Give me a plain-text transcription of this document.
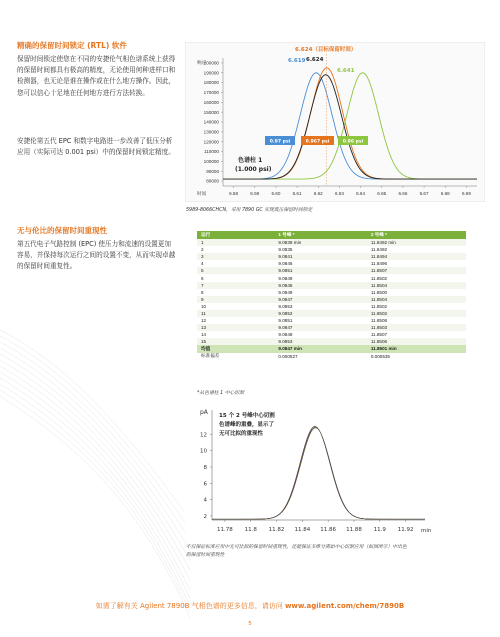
精确的保留时间锁定 (RTL) 软件

保留时间锁定使您在不同的安捷伦气相色谱系统上获得的保留时间都具有极高的精度，无论使用何种进样口和检测器，也无论是谁在操作或在什么地方操作。因此，您可以信心十足地在任何地方进行方法转换。

安捷伦第五代 EPC 和数字电路进一步改善了低压分析应用（实际可达 0.001 psi）中的保留时间锁定精度。

响应
时间
200000
190000
180000
170000
160000
150000
140000
130000
120000
110000
100000
90000
80000
6.58	6.59	6.60	6.61	6.62	6.63	6.64	6.65	6.66	6.67	6.68	6.69
6.624（目标保留时间）
6.619 6.624
6.641
0.97 psi	0.967 psi	0.96 psi
色谱柱 1
(1.000 psi)

5989-8066CHCN，采用 7890 GC 实现低压保留时间锁定

无与伦比的保留时间重现性

第五代电子气路控制 (EPC) 使压力和流速的设置更加容易，并保持每次运行之间的设置不变，从而实现卓越的保留时间重复性。

运行	1 号峰 *	2 号峰 *
1	9.0839 min	11.8492 min
2	9.0835	11.8492
3	9.0841	11.8494
4	9.0846	11.8496
5	9.0851	11.8507
6	9.0849	11.8502
7	9.0845	11.8504
8	9.0849	11.8500
9	9.0847	11.8504
10	9.0853	11.8502
11	9.0852	11.8502
12	9.0851	11.8508
13	9.0847	11.8503
14	9.0848	11.8507
15	9.0853	11.8506
均值	9.0847 min	11.8501 min
标准偏差	0.000527	0.000535

*从色谱柱 1 中心切割

pA
min
12
10
8
6
4
2
11.78 11.8 11.82 11.84 11.86 11.88 11.9 11.92
15 个 2 号峰中心切割
色谱峰的重叠，显示了
无可比拟的重现性

不仅保证标准应用中无可比拟的保留时间重现性，还能保证多维分离如中心切割应用（如图所示）中出色
的保留时间重现性

如需了解有关 Agilent 7890B 气相色谱的更多信息，请访问 www.agilent.com/chem/7890B
5
